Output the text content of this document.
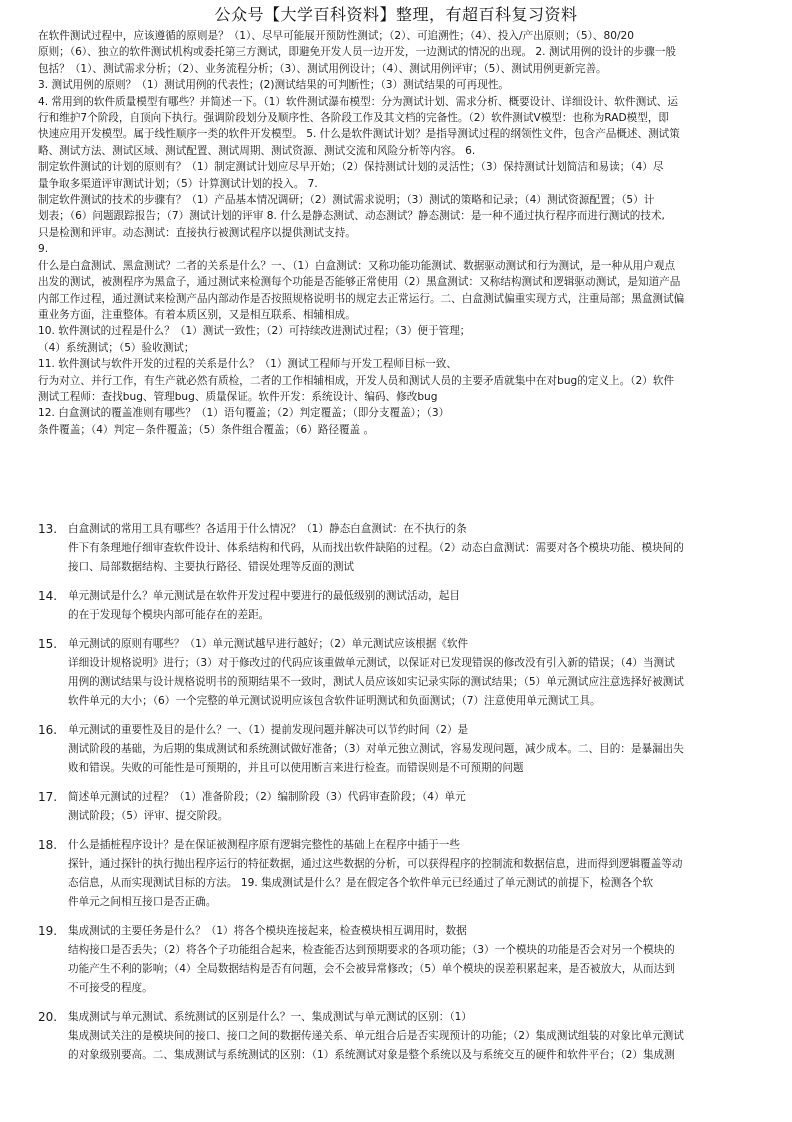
公众号【大学百科资料】整理，有超百科复习资料

在软件测试过程中，应该遵循的原则是？（1）、尽早可能展开预防性测试；（2）、可追溯性；（4）、投入/产出原则；（5）、80/20

原则；（6）、独立的软件测试机构或委托第三方测试，即避免开发人员一边开发，一边测试的情况的出现。 2. 测试用例的设计的步骤一般

包括？（1）、测试需求分析；（2）、业务流程分析；（3）、测试用例设计；（4）、测试用例评审；（5）、测试用例更新完善。

3. 测试用例的原则？（1）测试用例的代表性；(2)测试结果的可判断性；（3）测试结果的可再现性。

4. 常用到的软件质量模型有哪些？并简述一下。（1）软件测试瀑布模型：分为测试计划、需求分析、概要设计、详细设计、软件测试、运

行和维护7个阶段，自顶向下执行。强调阶段划分及顺序性、各阶段工作及其文档的完备性。（2）软件测试V模型：也称为RAD模型，即

快速应用开发模型。属于线性顺序一类的软件开发模型。 5. 什么是软件测试计划？是指导测试过程的纲领性文件，包含产品概述、测试策

略、测试方法、测试区域、测试配置、测试周期、测试资源、测试交流和风险分析等内容。 6.

制定软件测试的计划的原则有？（1）制定测试计划应尽早开始；（2）保持测试计划的灵活性；（3）保持测试计划简洁和易读；（4）尽

量争取多渠道评审测试计划；（5）计算测试计划的投入。 7.

制定软件测试的技术的步骤有？（1）产品基本情况调研；（2）测试需求说明；（3）测试的策略和记录；（4）测试资源配置；（5）计

划表；（6）问题跟踪报告；（7）测试计划的评审 8. 什么是静态测试、动态测试？静态测试：是一种不通过执行程序而进行测试的技术,

只是检测和评审。动态测试：直接执行被测试程序以提供测试支持。

9.

什么是白盒测试、黑盒测试？二者的关系是什么？一、（1）白盒测试：又称功能功能测试、数据驱动测试和行为测试，是一种从用户观点

出发的测试，被测程序为黑盒子，通过测试来检测每个功能是否能够正常使用（2）黑盒测试：又称结构测试和逻辑驱动测试，是知道产品

内部工作过程，通过测试来检测产品内部动作是否按照规格说明书的规定去正常运行。二、白盒测试偏重实现方式，注重局部；黑盒测试偏

重业务方面，注重整体。有着本质区别，又是相互联系、相辅相成。

10. 软件测试的过程是什么？（1）测试一致性；（2）可持续改进测试过程；（3）便于管理；

（4）系统测试；（5）验收测试；

11. 软件测试与软件开发的过程的关系是什么？（1）测试工程师与开发工程师目标一致、

行为对立、并行工作，有生产就必然有质检，二者的工作相辅相成，开发人员和测试人员的主要矛盾就集中在对bug的定义上。（2）软件

测试工程师：查找bug、管理bug、质量保证。软件开发：系统设计、编码、修改bug

12. 白盒测试的覆盖准则有哪些？（1）语句覆盖；（2）判定覆盖；（即分支覆盖）；（3）

条件覆盖；（4）判定－条件覆盖；（5）条件组合覆盖；（6）路径覆盖 。

13.	白盒测试的常用工具有哪些？各适用于什么情况？（1）静态白盒测试：在不执行的条

件下有条理地仔细审查软件设计、体系结构和代码，从而找出软件缺陷的过程。（2）动态白盒测试：需要对各个模块功能、模块间的

接口、局部数据结构、主要执行路径、错误处理等反面的测试

14.	单元测试是什么？单元测试是在软件开发过程中要进行的最低级别的测试活动，起目

的在于发现每个模块内部可能存在的差距。

15.	单元测试的原则有哪些？（1）单元测试越早进行越好；（2）单元测试应该根据《软件

详细设计规格说明》进行；（3）对于修改过的代码应该重做单元测试，以保证对已发现错误的修改没有引入新的错误；（4）当测试

用例的测试结果与设计规格说明书的预期结果不一致时，测试人员应该如实记录实际的测试结果；（5）单元测试应注意选择好被测试

软件单元的大小；（6）一个完整的单元测试说明应该包含软件证明测试和负面测试；（7）注意使用单元测试工具。

16.	单元测试的重要性及目的是什么？一、（1）提前发现问题并解决可以节约时间（2）是

测试阶段的基础，为后期的集成测试和系统测试做好准备；（3）对单元独立测试，容易发现问题，减少成本。二、目的：是暴漏出失

败和错误。失败的可能性是可预期的，并且可以使用断言来进行检查。而错误则是不可预期的问题

17.	简述单元测试的过程？（1）准备阶段；（2）编制阶段（3）代码审查阶段；（4）单元

测试阶段；（5）评审、提交阶段。

18.	什么是插桩程序设计？是在保证被测程序原有逻辑完整性的基础上在程序中插于一些

探针，通过探针的执行抛出程序运行的特征数据，通过这些数据的分析，可以获得程序的控制流和数据信息，进而得到逻辑覆盖等动

态信息，从而实现测试目标的方法。 19. 集成测试是什么？是在假定各个软件单元已经通过了单元测试的前提下，检测各个软

件单元之间相互接口是否正确。

19.	集成测试的主要任务是什么？（1）将各个模块连接起来，检查模块相互调用时，数据

结构接口是否丢失；（2）将各个子功能组合起来，检查能否达到预期要求的各项功能；（3）一个模块的功能是否会对另一个模块的

功能产生不利的影响；（4）全局数据结构是否有问题，会不会被异常修改；（5）单个模块的误差积累起来，是否被放大，从而达到

不可接受的程度。

20.	集成测试与单元测试、系统测试的区别是什么？一、集成测试与单元测试的区别：（1）

集成测试关注的是模块间的接口、接口之间的数据传递关系、单元组合后是否实现预计的功能；（2）集成测试组装的对象比单元测试

的对象级别要高。二、集成测试与系统测试的区别：（1）系统测试对象是整个系统以及与系统交互的硬件和软件平台；（2）集成测
